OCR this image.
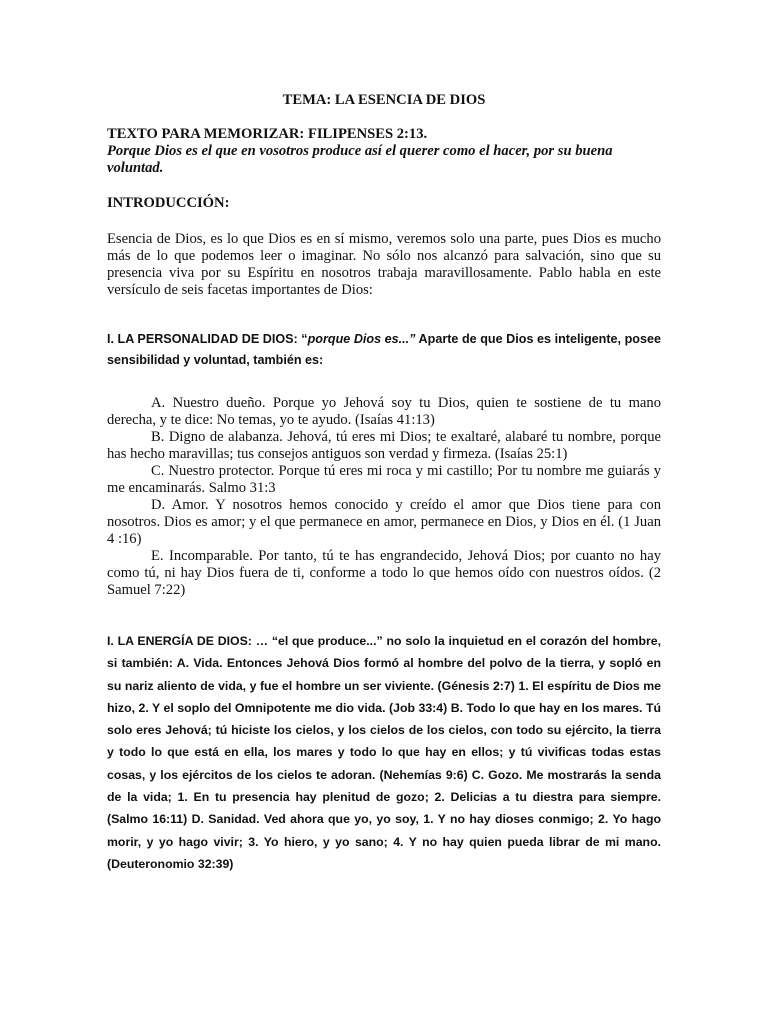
TEMA: LA ESENCIA DE DIOS
TEXTO PARA MEMORIZAR: FILIPENSES 2:13.
Porque Dios es el que en vosotros produce así el querer como el hacer, por su buena voluntad.
INTRODUCCIÓN:
Esencia de Dios, es lo que Dios es en sí mismo, veremos solo una parte, pues Dios es mucho más de lo que podemos leer o imaginar. No sólo nos alcanzó para salvación, sino que su presencia viva por su Espíritu en nosotros trabaja maravillosamente. Pablo habla en este versículo de seis facetas importantes de Dios:
I. LA PERSONALIDAD DE DIOS: “porque Dios es...” Aparte de que Dios es inteligente, posee sensibilidad y voluntad, también es:

A. Nuestro dueño. Porque yo Jehová soy tu Dios, quien te sostiene de tu mano derecha, y te dice: No temas, yo te ayudo. (Isaías 41:13)

B. Digno de alabanza. Jehová, tú eres mi Dios; te exaltaré, alabaré tu nombre, porque has hecho maravillas; tus consejos antiguos son verdad y firmeza. (Isaías 25:1)

C. Nuestro protector. Porque tú eres mi roca y mi castillo; Por tu nombre me guiarás y me encaminarás. Salmo 31:3

D. Amor. Y nosotros hemos conocido y creído el amor que Dios tiene para con nosotros. Dios es amor; y el que permanece en amor, permanece en Dios, y Dios en él. (1 Juan 4 :16)

E. Incomparable. Por tanto, tú te has engrandecido, Jehová Dios; por cuanto no hay como tú, ni hay Dios fuera de ti, conforme a todo lo que hemos oído con nuestros oídos. (2 Samuel 7:22)

I. LA ENERGÍA DE DIOS: … “el que produce...” no solo la inquietud en el corazón del hombre, si también: A. Vida. Entonces Jehová Dios formó al hombre del polvo de la tierra, y sopló en su nariz aliento de vida, y fue el hombre un ser viviente. (Génesis 2:7) 1. El espíritu de Dios me hizo, 2. Y el soplo del Omnipotente me dio vida. (Job 33:4) B. Todo lo que hay en los mares. Tú solo eres Jehová; tú hiciste los cielos, y los cielos de los cielos, con todo su ejército, la tierra y todo lo que está en ella, los mares y todo lo que hay en ellos; y tú vivificas todas estas cosas, y los ejércitos de los cielos te adoran. (Nehemías 9:6) C. Gozo. Me mostrarás la senda de la vida; 1. En tu presencia hay plenitud de gozo; 2. Delicias a tu diestra para siempre. (Salmo 16:11) D. Sanidad. Ved ahora que yo, yo soy, 1. Y no hay dioses conmigo; 2. Yo hago morir, y yo hago vivir; 3. Yo hiero, y yo sano; 4. Y no hay quien pueda librar de mi mano. (Deuteronomio 32:39)
